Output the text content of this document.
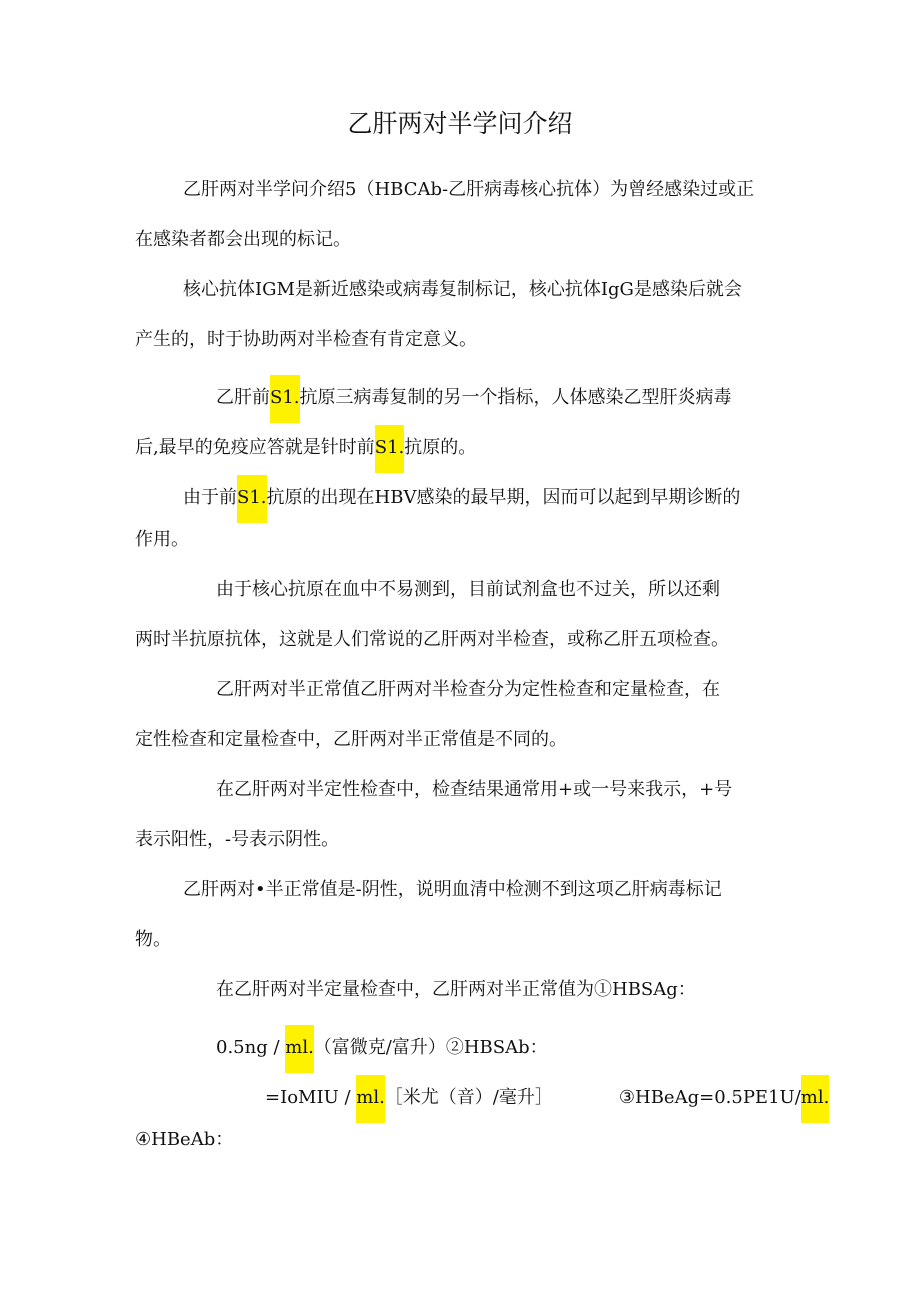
乙肝两对半学问介绍
乙肝两对半学问介绍5（HBCAb-乙肝病毒核心抗体）为曾经感染过或正
在感染者都会出现的标记。
核心抗体IGM是新近感染或病毒复制标记，核心抗体IgG是感染后就会
产生的，时于协助两对半检查有肯定意义。
乙肝前S1.抗原三病毒复制的另一个指标，人体感染乙型肝炎病毒
后,最早的免疫应答就是针时前S1.抗原的。
由于前S1.抗原的出现在HBV感染的最早期，因而可以起到早期诊断的
作用。
由于核心抗原在血中不易测到，目前试剂盒也不过关，所以还剩
两时半抗原抗体，这就是人们常说的乙肝两对半检查，或称乙肝五项检查。
乙肝两对半正常值乙肝两对半检查分为定性检查和定量检查，在
定性检查和定量检查中，乙肝两对半正常值是不同的。
在乙肝两对半定性检查中，检查结果通常用+或一号来我示，+号
表示阳性，-号表示阴性。
乙肝两对•半正常值是-阴性，说明血清中检测不到这项乙肝病毒标记
物。
在乙肝两对半定量检查中，乙肝两对半正常值为①HBSAg：
0.5ng / ml.（富微克/富升）②HBSAb：
=IoMIU / ml.［米尤（音）/毫升］	③HBeAg=0.5PE1U/ml.
④HBeAb：
